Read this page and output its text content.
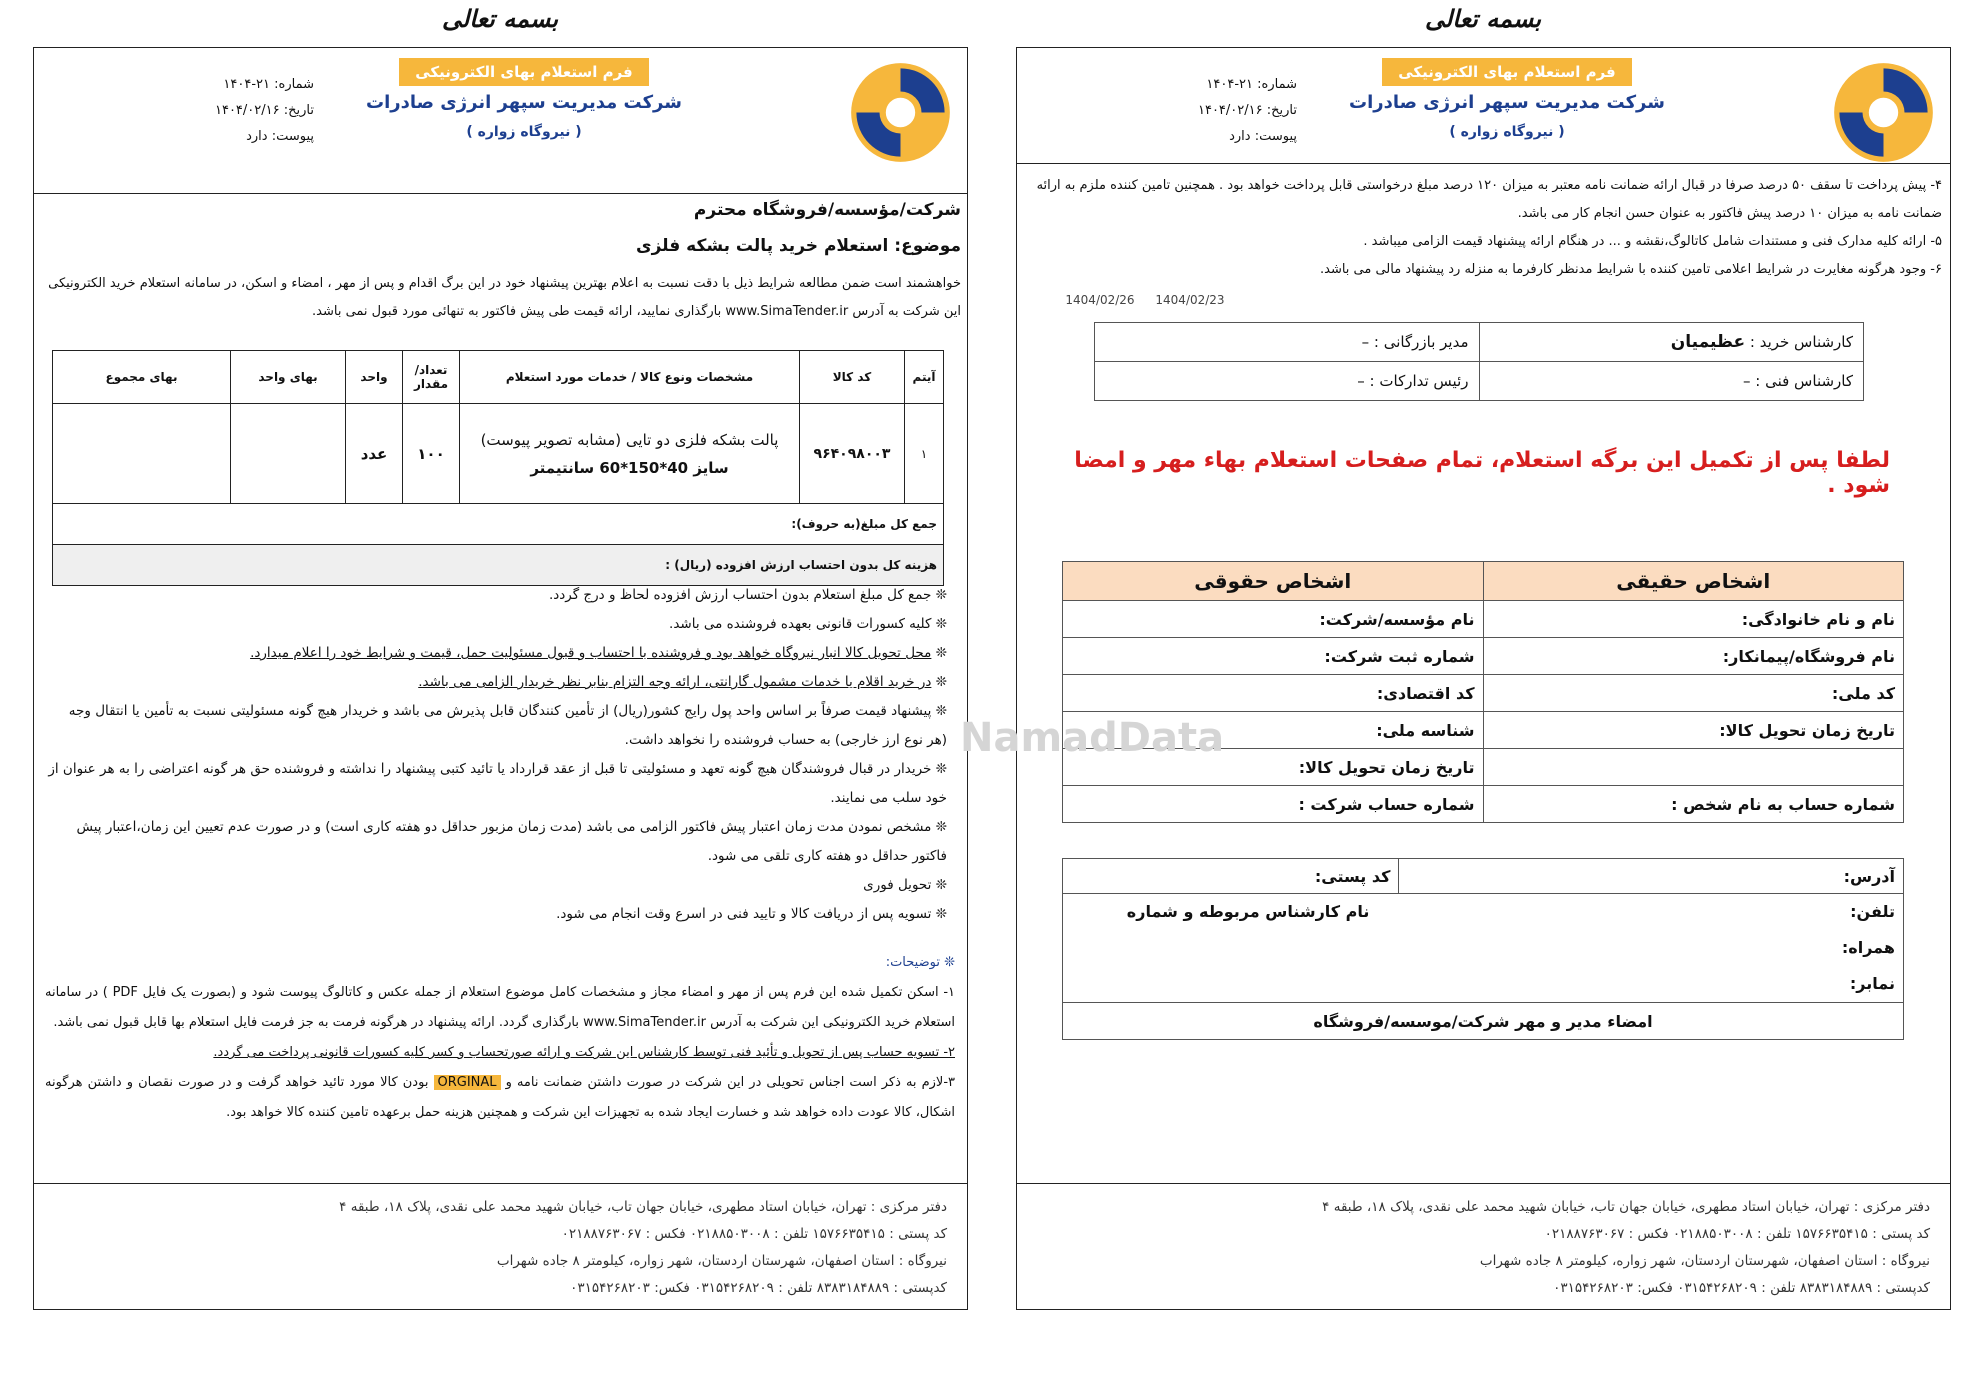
بسمه تعالی	بسمه تعالی
فرم استعلام بهای الکترونیکی
شرکت مدیریت سپهر انرژی صادرات
( نیروگاه زواره )
شماره: ۲۱-۱۴۰۴
تاریخ: ۱۴۰۴/۰۲/۱۶
پیوست: دارد
شرکت/مؤسسه/فروشگاه محترم
موضوع: استعلام خرید پالت بشکه فلزی
خواهشمند است ضمن مطالعه شرایط ذیل با دقت نسبت به اعلام بهترین پیشنهاد خود در این برگ اقدام و پس از مهر ، امضاء و اسکن، در سامانه استعلام خرید الکترونیکی این شرکت به آدرس www.SimaTender.ir بارگذاری نمایید، ارائه قیمت طی پیش فاکتور به تنهائی مورد قبول نمی باشد.
آیتم	کد کالا	مشخصات ونوع کالا / خدمات مورد استعلام	تعداد/ مقدار	واحد	بهای واحد	بهای مجموع
۱	۹۶۴۰۹۸۰۰۳	پالت بشکه فلزی دو تایی (مشابه تصویر پیوست)
سایز 40*150*60 سانتیمتر	۱۰۰	عدد		
جمع کل مبلغ(به حروف):						
هزینه کل بدون احتساب ارزش افزوده (ریال) :						
❊ جمع کل مبلغ استعلام بدون احتساب ارزش افزوده لحاظ و درج گردد.
❊ کلیه کسورات قانونی بعهده فروشنده می باشد.
❊ محل تحویل کالا انبار نیروگاه خواهد بود و فروشنده با احتساب و قبول مسئولیت حمل، قیمت و شرایط خود را اعلام میدارد.
❊ در خرید اقلام یا خدمات مشمول گارانتی، ارائه وجه التزام بنابر نظر خریدار الزامی می باشد.
❊ پیشنهاد قیمت صرفاً بر اساس واحد پول رایج کشور(ریال) از تأمین کنندگان قابل پذیرش می باشد و خریدار هیچ گونه مسئولیتی نسبت به تأمین یا انتقال وجه (هر نوع ارز خارجی) به حساب فروشنده را نخواهد داشت.
❊ خریدار در قبال فروشندگان هیچ گونه تعهد و مسئولیتی تا قبل از عقد قرارداد یا تائید کتبی پیشنهاد را نداشته و فروشنده حق هر گونه اعتراضی را به هر عنوان از خود سلب می نمایند.
❊ مشخص نمودن مدت زمان اعتبار پیش فاکتور الزامی می باشد (مدت زمان مزبور حداقل دو هفته کاری است) و در صورت عدم تعیین این زمان،اعتبار پیش فاکتور حداقل دو هفته کاری تلقی می شود.
❊ تحویل فوری
❊ تسویه پس از دریافت کالا و تایید فنی در اسرع وقت انجام می شود.
❊ توضیحات:
۱- اسکن تکمیل شده این فرم پس از مهر و امضاء مجاز و مشخصات کامل موضوع استعلام از جمله عکس و کاتالوگ پیوست شود و (بصورت یک فایل PDF ) در سامانه استعلام خرید الکترونیکی این شرکت به آدرس www.SimaTender.ir بارگذاری گردد. ارائه پیشنهاد در هرگونه فرمت به جز فرمت فایل استعلام بها قابل قبول نمی باشد.
۲- تسویه حساب پس از تحویل و تأئید فنی توسط کارشناس این شرکت و ارائه صورتحساب و کسر کلیه کسورات قانونی پرداخت می گردد.
۳-لازم به ذکر است اجناس تحویلی در این شرکت در صورت داشتن ضمانت نامه و ORGINAL بودن کالا مورد تائید خواهد گرفت و در صورت نقصان و داشتن هرگونه اشکال، کالا عودت داده خواهد شد و خسارت ایجاد شده به تجهیزات این شرکت و همچنین هزینه حمل برعهده تامین کننده کالا خواهد بود.
دفتر مرکزی : تهران، خیابان استاد مطهری، خیابان جهان تاب، خیابان شهید محمد علی نقدی، پلاک ۱۸، طبقه ۴
کد پستی : ۱۵۷۶۶۳۵۴۱۵ تلفن : ۰۲۱۸۸۵۰۳۰۰۸ فکس : ۰۲۱۸۸۷۶۳۰۶۷
نیروگاه : استان اصفهان، شهرستان اردستان، شهر زواره، کیلومتر ۸ جاده شهراب
کدپستی : ۸۳۸۳۱۸۴۸۸۹ تلفن : ۰۳۱۵۴۲۶۸۲۰۹ فکس: ۰۳۱۵۴۲۶۸۲۰۳
فرم استعلام بهای الکترونیکی
شرکت مدیریت سپهر انرژی صادرات
( نیروگاه زواره )
شماره: ۲۱-۱۴۰۴
تاریخ: ۱۴۰۴/۰۲/۱۶
پیوست: دارد
۴- پیش پرداخت تا سقف ۵۰ درصد صرفا در قبال ارائه ضمانت نامه معتبر به میزان ۱۲۰ درصد مبلغ درخواستی قابل پرداخت خواهد بود . همچنین تامین کننده ملزم به ارائه ضمانت نامه به میزان ۱۰ درصد پیش فاکتور به عنوان حسن انجام کار می باشد.
۵- ارائه کلیه مدارک فنی و مستندات شامل کاتالوگ،نقشه و ... در هنگام ارائه پیشنهاد قیمت الزامی میباشد .
۶- وجود هرگونه مغایرت در شرایط اعلامی تامین کننده با شرایط مدنظر کارفرما به منزله رد پیشنهاد مالی می باشد.
1404/02/23
1404/02/26
کارشناس خرید : عظیمیان	مدیر بازرگانی : –
کارشناس فنی : –	رئیس تدارکات : –
لطفا پس از تکمیل این برگه استعلام، تمام صفحات استعلام بهاء مهر و امضا شود .
اشخاص حقیقی	اشخاص حقوقی
نام و نام خانوادگی:	نام مؤسسه/شرکت:
نام فروشگاه/پیمانکار:	شماره ثبت شرکت:
کد ملی:	کد اقتصادی:
تاریخ زمان تحویل کالا:	شناسه ملی:
	تاریخ زمان تحویل کالا:
شماره حساب به نام شخص :	شماره حساب شرکت :
آدرس:	کد پستی:

تلفن: نام کارشناس مربوطه و شماره همراه:
نمابر:

امضاء مدیر و مهر شرکت/موسسه/فروشگاه
دفتر مرکزی : تهران، خیابان استاد مطهری، خیابان جهان تاب، خیابان شهید محمد علی نقدی، پلاک ۱۸، طبقه ۴
کد پستی : ۱۵۷۶۶۳۵۴۱۵ تلفن : ۰۲۱۸۸۵۰۳۰۰۸ فکس : ۰۲۱۸۸۷۶۳۰۶۷
نیروگاه : استان اصفهان، شهرستان اردستان، شهر زواره، کیلومتر ۸ جاده شهراب
کدپستی : ۸۳۸۳۱۸۴۸۸۹ تلفن : ۰۳۱۵۴۲۶۸۲۰۹ فکس: ۰۳۱۵۴۲۶۸۲۰۳
NamadData
